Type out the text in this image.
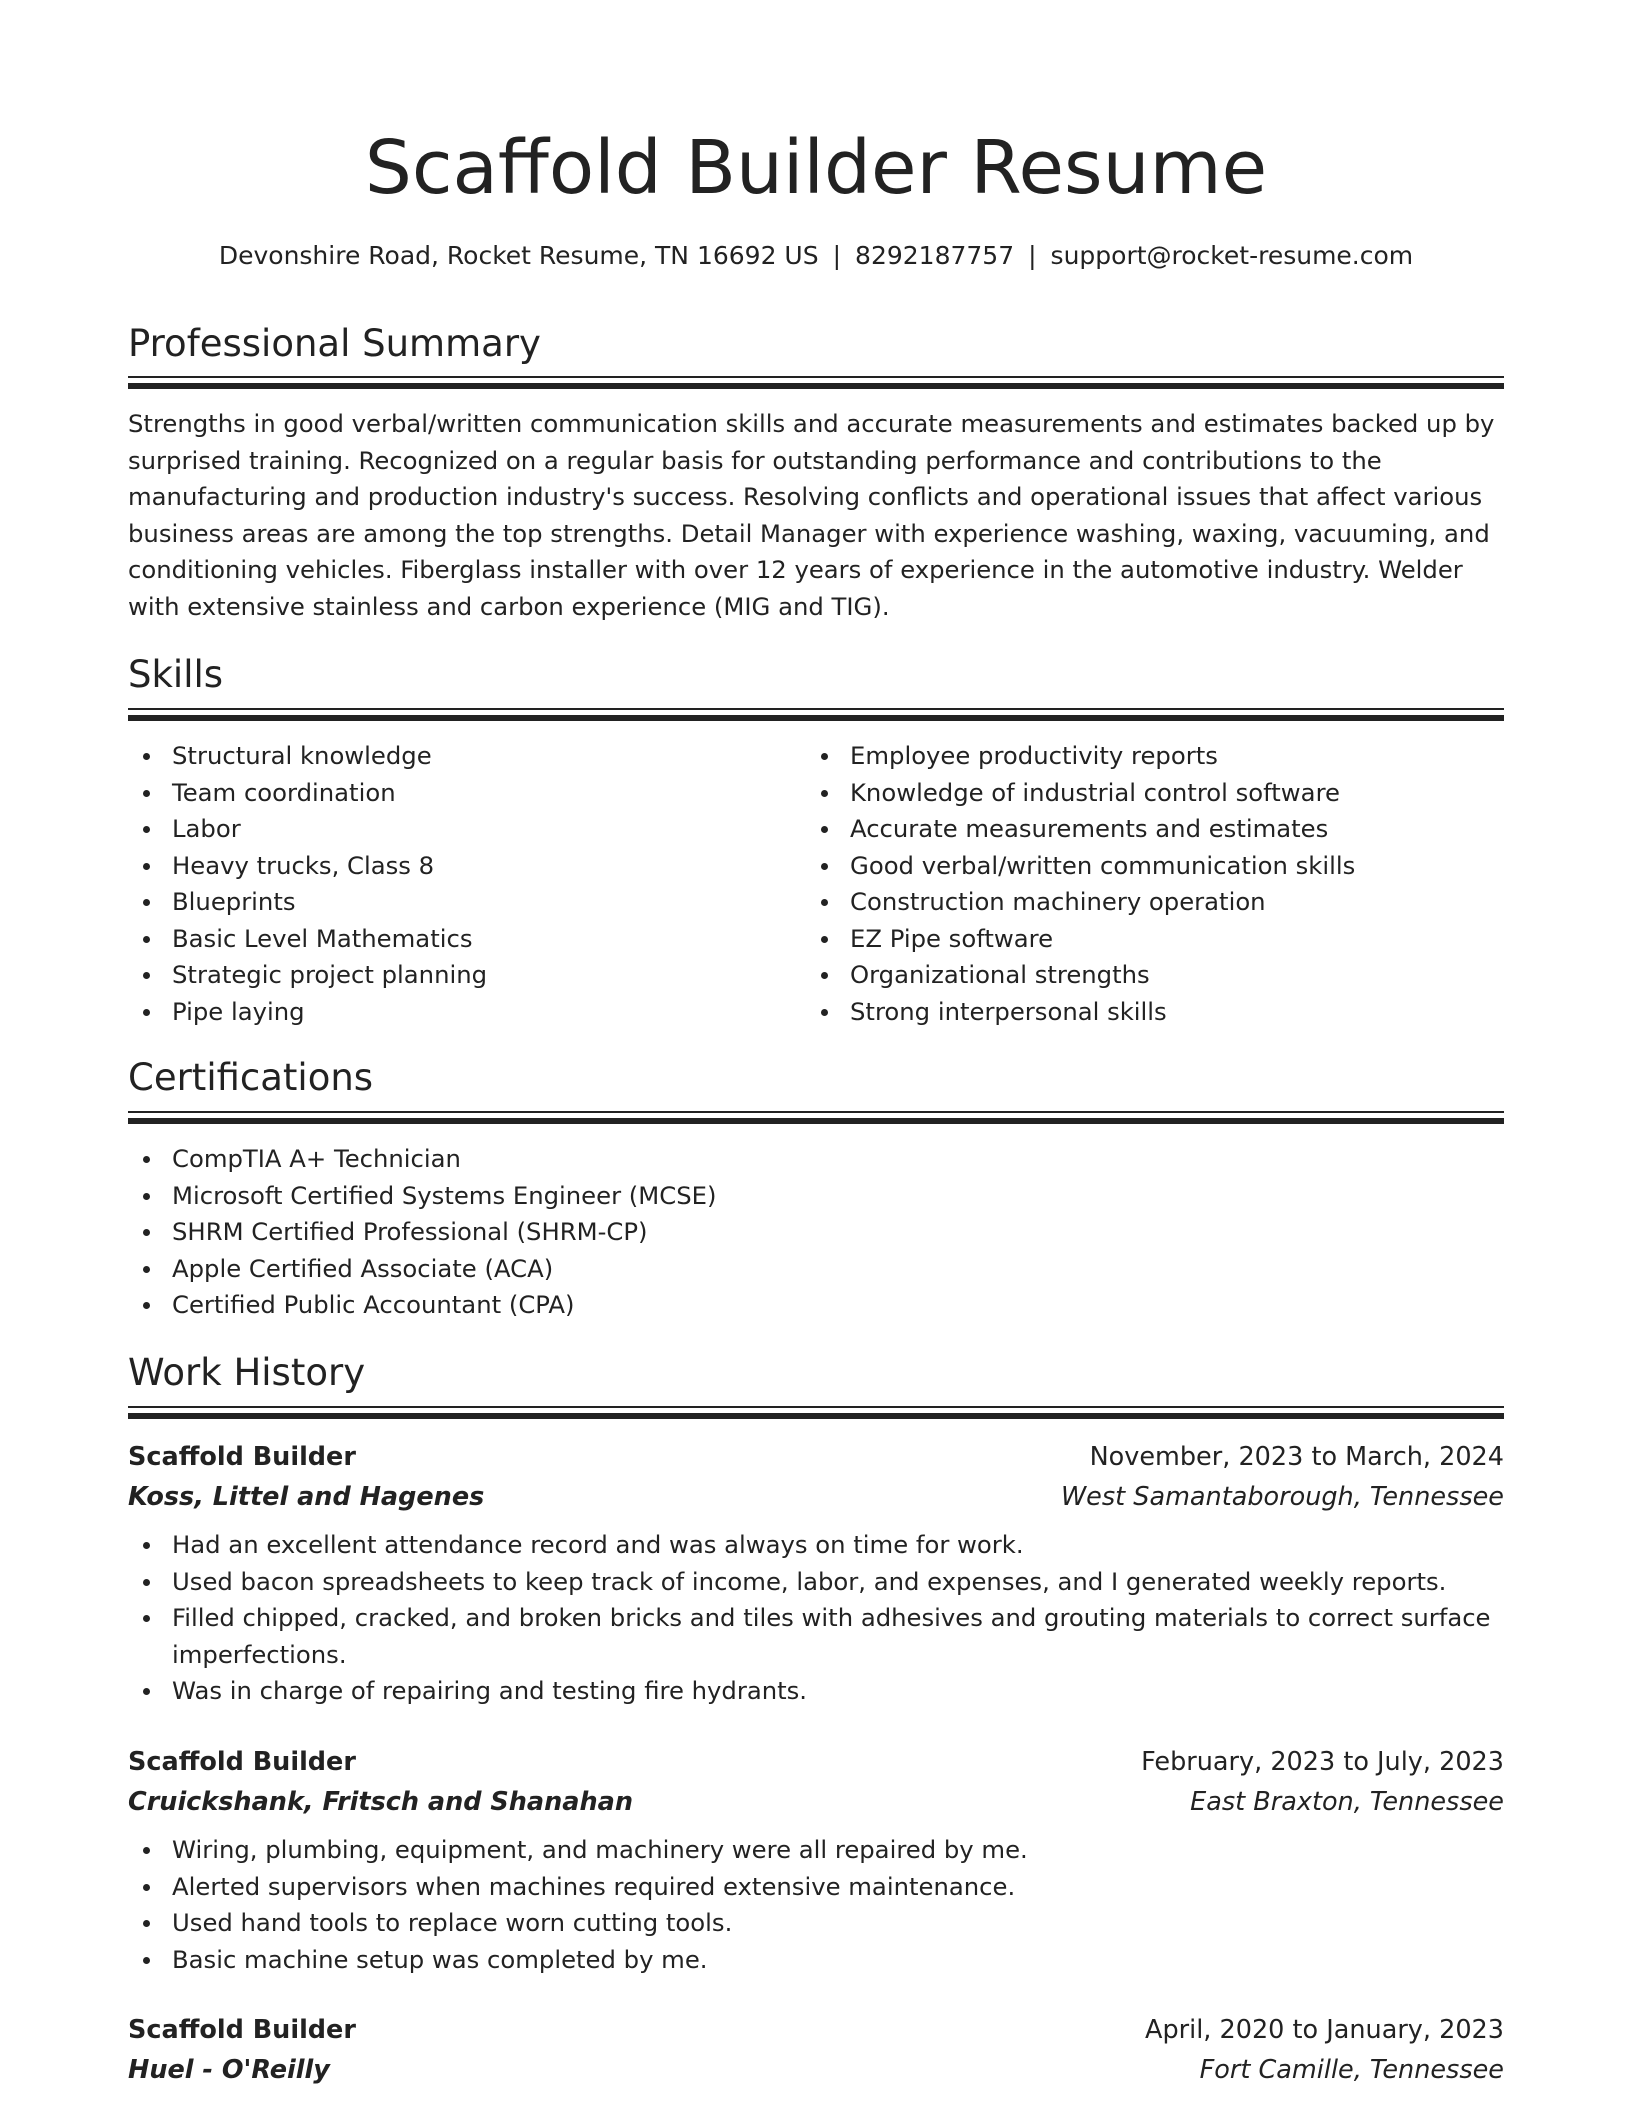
Scaffold Builder Resume
Devonshire Road, Rocket Resume, TN 16692 US | 8292187757 | support@rocket-resume.com
Professional Summary

Strengths in good verbal/written communication skills and accurate measurements and estimates backed up by surprised training. Recognized on a regular basis for outstanding performance and contributions to the manufacturing and production industry's success. Resolving conflicts and operational issues that affect various business areas are among the top strengths. Detail Manager with experience washing, waxing, vacuuming, and conditioning vehicles. Fiberglass installer with over 12 years of experience in the automotive industry. Welder with extensive stainless and carbon experience (MIG and TIG).

Skills
Structural knowledge
Team coordination
Labor
Heavy trucks, Class 8
Blueprints
Basic Level Mathematics
Strategic project planning
Pipe laying
Employee productivity reports
Knowledge of industrial control software
Accurate measurements and estimates
Good verbal/written communication skills
Construction machinery operation
EZ Pipe software
Organizational strengths
Strong interpersonal skills
Certifications
CompTIA A+ Technician
Microsoft Certified Systems Engineer (MCSE)
SHRM Certified Professional (SHRM-CP)
Apple Certified Associate (ACA)
Certified Public Accountant (CPA)
Work History
Scaffold Builder	November, 2023 to March, 2024
Koss, Littel and Hagenes	West Samantaborough, Tennessee
Had an excellent attendance record and was always on time for work.
Used bacon spreadsheets to keep track of income, labor, and expenses, and I generated weekly reports.
Filled chipped, cracked, and broken bricks and tiles with adhesives and grouting materials to correct surface imperfections.
Was in charge of repairing and testing fire hydrants.
Scaffold Builder	February, 2023 to July, 2023
Cruickshank, Fritsch and Shanahan	East Braxton, Tennessee
Wiring, plumbing, equipment, and machinery were all repaired by me.
Alerted supervisors when machines required extensive maintenance.
Used hand tools to replace worn cutting tools.
Basic machine setup was completed by me.
Scaffold Builder	April, 2020 to January, 2023
Huel - O'Reilly	Fort Camille, Tennessee
